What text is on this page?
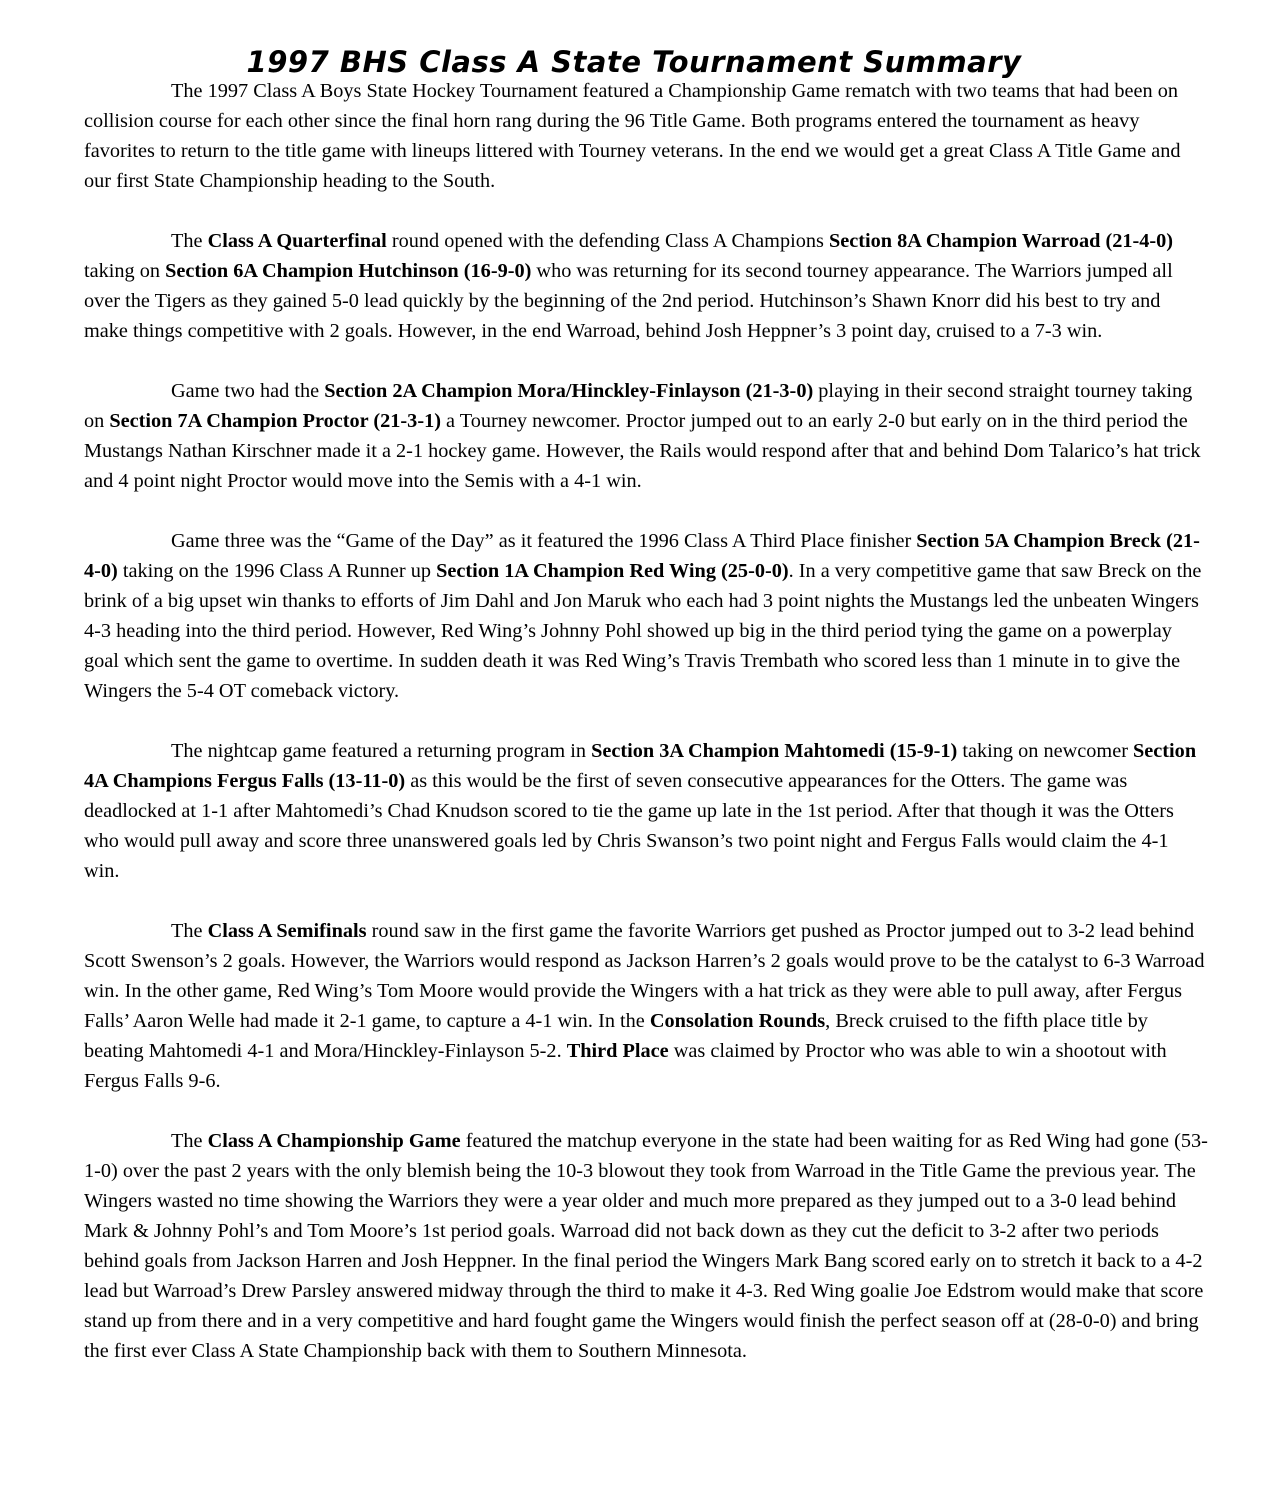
1997 BHS Class A State Tournament Summary

The 1997 Class A Boys State Hockey Tournament featured a Championship Game rematch with two teams that had been on collision course for each other since the final horn rang during the 96 Title Game. Both programs entered the tournament as heavy favorites to return to the title game with lineups littered with Tourney veterans. In the end we would get a great Class A Title Game and our first State Championship heading to the South.

The Class A Quarterfinal round opened with the defending Class A Champions Section 8A Champion Warroad (21-4-0) taking on Section 6A Champion Hutchinson (16-9-0) who was returning for its second tourney appearance. The Warriors jumped all over the Tigers as they gained 5-0 lead quickly by the beginning of the 2nd period. Hutchinson’s Shawn Knorr did his best to try and make things competitive with 2 goals. However, in the end Warroad, behind Josh Heppner’s 3 point day, cruised to a 7-3 win.

Game two had the Section 2A Champion Mora/Hinckley-Finlayson (21-3-0) playing in their second straight tourney taking on Section 7A Champion Proctor (21-3-1) a Tourney newcomer. Proctor jumped out to an early 2-0 but early on in the third period the Mustangs Nathan Kirschner made it a 2-1 hockey game. However, the Rails would respond after that and behind Dom Talarico’s hat trick and 4 point night Proctor would move into the Semis with a 4-1 win.

Game three was the “Game of the Day” as it featured the 1996 Class A Third Place finisher Section 5A Champion Breck (21-4-0) taking on the 1996 Class A Runner up Section 1A Champion Red Wing (25-0-0). In a very competitive game that saw Breck on the brink of a big upset win thanks to efforts of Jim Dahl and Jon Maruk who each had 3 point nights the Mustangs led the unbeaten Wingers 4-3 heading into the third period. However, Red Wing’s Johnny Pohl showed up big in the third period tying the game on a powerplay goal which sent the game to overtime. In sudden death it was Red Wing’s Travis Trembath who scored less than 1 minute in to give the Wingers the 5-4 OT comeback victory.

The nightcap game featured a returning program in Section 3A Champion Mahtomedi (15-9-1) taking on newcomer Section 4A Champions Fergus Falls (13-11-0) as this would be the first of seven consecutive appearances for the Otters. The game was deadlocked at 1-1 after Mahtomedi’s Chad Knudson scored to tie the game up late in the 1st period. After that though it was the Otters who would pull away and score three unanswered goals led by Chris Swanson’s two point night and Fergus Falls would claim the 4-1 win.

The Class A Semifinals round saw in the first game the favorite Warriors get pushed as Proctor jumped out to 3-2 lead behind Scott Swenson’s 2 goals. However, the Warriors would respond as Jackson Harren’s 2 goals would prove to be the catalyst to 6-3 Warroad win. In the other game, Red Wing’s Tom Moore would provide the Wingers with a hat trick as they were able to pull away, after Fergus Falls’ Aaron Welle had made it 2-1 game, to capture a 4-1 win. In the Consolation Rounds, Breck cruised to the fifth place title by beating Mahtomedi 4-1 and Mora/Hinckley-Finlayson 5-2. Third Place was claimed by Proctor who was able to win a shootout with Fergus Falls 9-6.

The Class A Championship Game featured the matchup everyone in the state had been waiting for as Red Wing had gone (53-1-0) over the past 2 years with the only blemish being the 10-3 blowout they took from Warroad in the Title Game the previous year. The Wingers wasted no time showing the Warriors they were a year older and much more prepared as they jumped out to a 3-0 lead behind Mark & Johnny Pohl’s and Tom Moore’s 1st period goals. Warroad did not back down as they cut the deficit to 3-2 after two periods behind goals from Jackson Harren and Josh Heppner. In the final period the Wingers Mark Bang scored early on to stretch it back to a 4-2 lead but Warroad’s Drew Parsley answered midway through the third to make it 4-3. Red Wing goalie Joe Edstrom would make that score stand up from there and in a very competitive and hard fought game the Wingers would finish the perfect season off at (28-0-0) and bring the first ever Class A State Championship back with them to Southern Minnesota.
